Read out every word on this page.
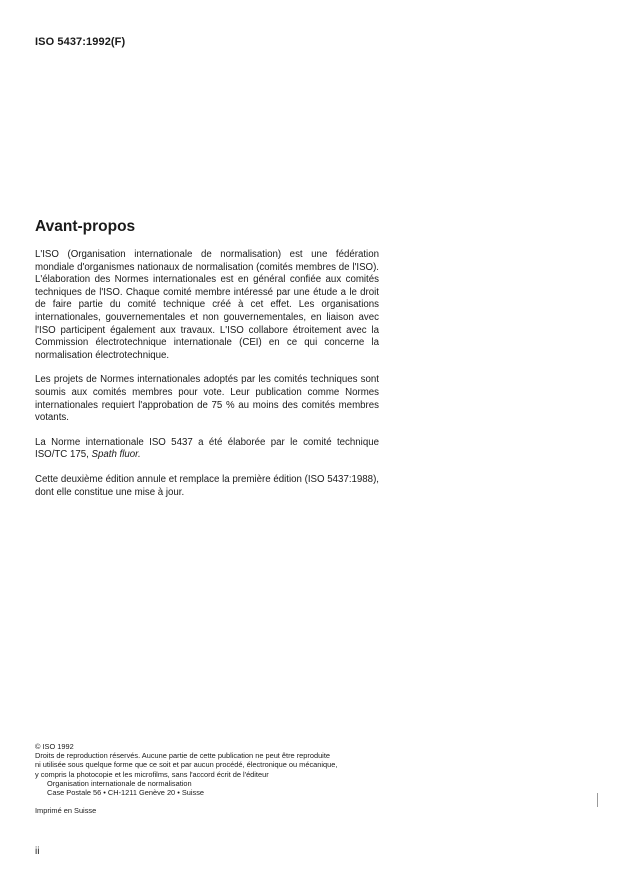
ISO 5437:1992(F)
Avant-propos

L'ISO (Organisation internationale de normalisation) est une fédération mondiale d'organismes nationaux de normalisation (comités membres de l'ISO). L'élaboration des Normes internationales est en général confiée aux comités techniques de l'ISO. Chaque comité membre intéressé par une étude a le droit de faire partie du comité technique créé à cet effet. Les organisations internationales, gouvernementales et non gouvernementales, en liaison avec l'ISO participent également aux travaux. L'ISO collabore étroitement avec la Commission électrotechnique internationale (CEI) en ce qui concerne la normalisation électrotechnique.

Les projets de Normes internationales adoptés par les comités techniques sont soumis aux comités membres pour vote. Leur publication comme Normes internationales requiert l'approbation de 75 % au moins des comités membres votants.

La Norme internationale ISO 5437 a été élaborée par le comité technique ISO/TC 175, Spath fluor.

Cette deuxième édition annule et remplace la première édition (ISO 5437:1988), dont elle constitue une mise à jour.

© ISO 1992
Droits de reproduction réservés. Aucune partie de cette publication ne peut être reproduite
ni utilisée sous quelque forme que ce soit et par aucun procédé, électronique ou mécanique,
y compris la photocopie et les microfilms, sans l'accord écrit de l'éditeur
Organisation internationale de normalisation
Case Postale 56 • CH-1211 Genève 20 • Suisse
Imprimé en Suisse
ii
